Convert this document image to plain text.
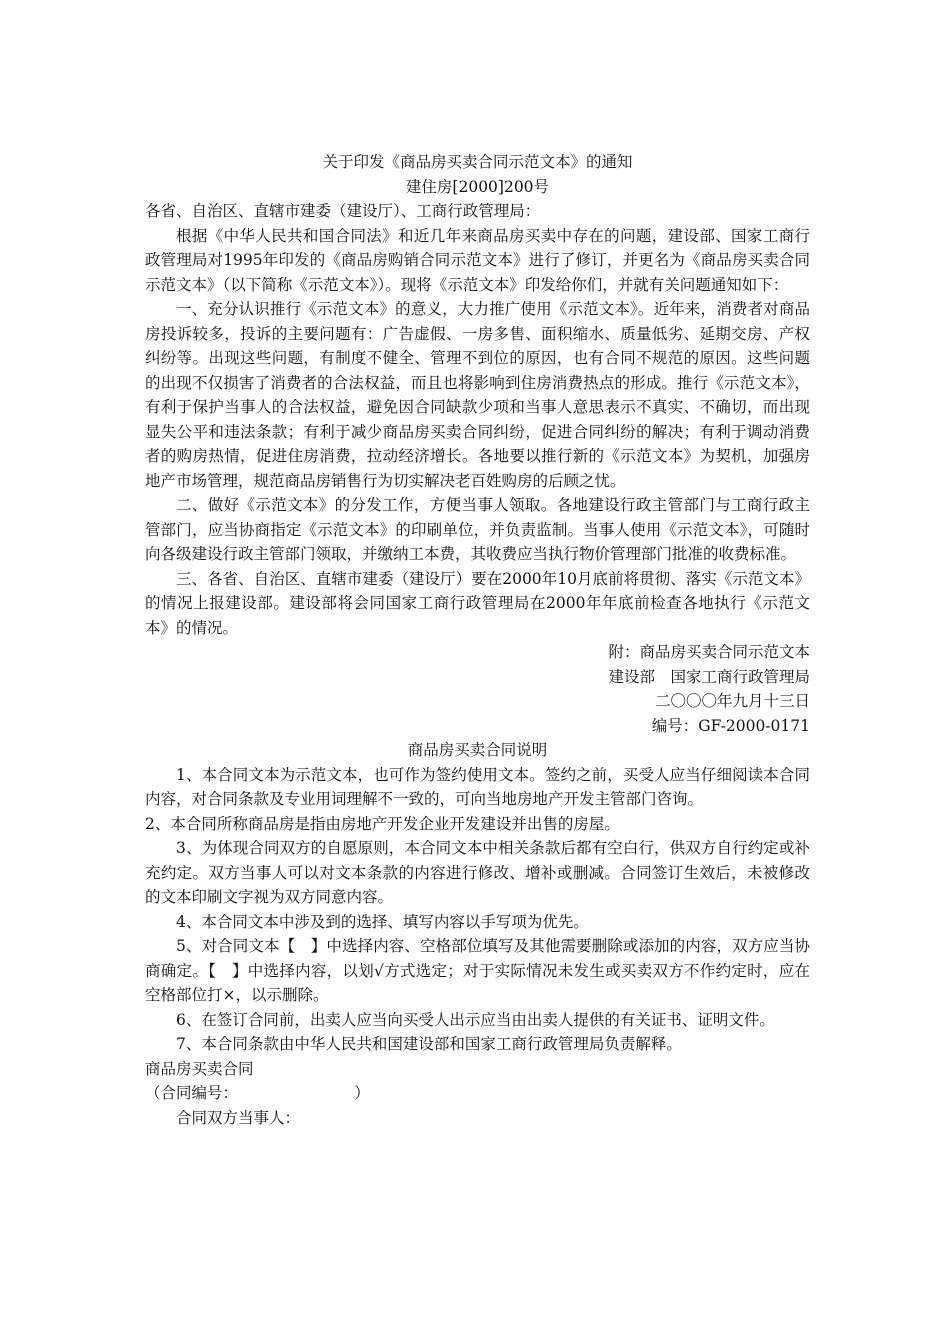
关于印发《商品房买卖合同示范文本》的通知

建住房[2000]200号

各省、自治区、直辖市建委（建设厅）、工商行政管理局：

根据《中华人民共和国合同法》和近几年来商品房买卖中存在的问题，建设部、国家工商行政管理局对1995年印发的《商品房购销合同示范文本》进行了修订，并更名为《商品房买卖合同示范文本》（以下简称《示范文本》）。现将《示范文本》印发给你们，并就有关问题通知如下：

一、充分认识推行《示范文本》的意义，大力推广使用《示范文本》。近年来，消费者对商品房投诉较多，投诉的主要问题有：广告虚假、一房多售、面积缩水、质量低劣、延期交房、产权纠纷等。出现这些问题，有制度不健全、管理不到位的原因，也有合同不规范的原因。这些问题的出现不仅损害了消费者的合法权益，而且也将影响到住房消费热点的形成。推行《示范文本》，有利于保护当事人的合法权益，避免因合同缺款少项和当事人意思表示不真实、不确切，而出现显失公平和违法条款；有利于减少商品房买卖合同纠纷，促进合同纠纷的解决；有利于调动消费者的购房热情，促进住房消费，拉动经济增长。各地要以推行新的《示范文本》为契机，加强房地产市场管理，规范商品房销售行为切实解决老百姓购房的后顾之忧。

二、做好《示范文本》的分发工作，方便当事人领取。各地建设行政主管部门与工商行政主管部门，应当协商指定《示范文本》的印刷单位，并负责监制。当事人使用《示范文本》，可随时向各级建设行政主管部门领取，并缴纳工本费，其收费应当执行物价管理部门批准的收费标准。

三、各省、自治区、直辖市建委（建设厅）要在2000年10月底前将贯彻、落实《示范文本》的情况上报建设部。建设部将会同国家工商行政管理局在2000年年底前检查各地执行《示范文本》的情况。

附：商品房买卖合同示范文本

建设部　国家工商行政管理局

二〇〇〇年九月十三日

编号：GF-2000-0171

商品房买卖合同说明

1、本合同文本为示范文本，也可作为签约使用文本。签约之前，买受人应当仔细阅读本合同内容，对合同条款及专业用词理解不一致的，可向当地房地产开发主管部门咨询。

2、本合同所称商品房是指由房地产开发企业开发建设并出售的房屋。

3、为体现合同双方的自愿原则，本合同文本中相关条款后都有空白行，供双方自行约定或补充约定。双方当事人可以对文本条款的内容进行修改、增补或删减。合同签订生效后，未被修改的文本印刷文字视为双方同意内容。

4、本合同文本中涉及到的选择、填写内容以手写项为优先。

5、对合同文本【　】中选择内容、空格部位填写及其他需要删除或添加的内容，双方应当协商确定。【　】中选择内容，以划√方式选定；对于实际情况未发生或买卖双方不作约定时，应在空格部位打×，以示删除。

6、在签订合同前，出卖人应当向买受人出示应当由出卖人提供的有关证书、证明文件。

7、本合同条款由中华人民共和国建设部和国家工商行政管理局负责解释。

商品房买卖合同

（合同编号：　　　　　　　　）

合同双方当事人：
